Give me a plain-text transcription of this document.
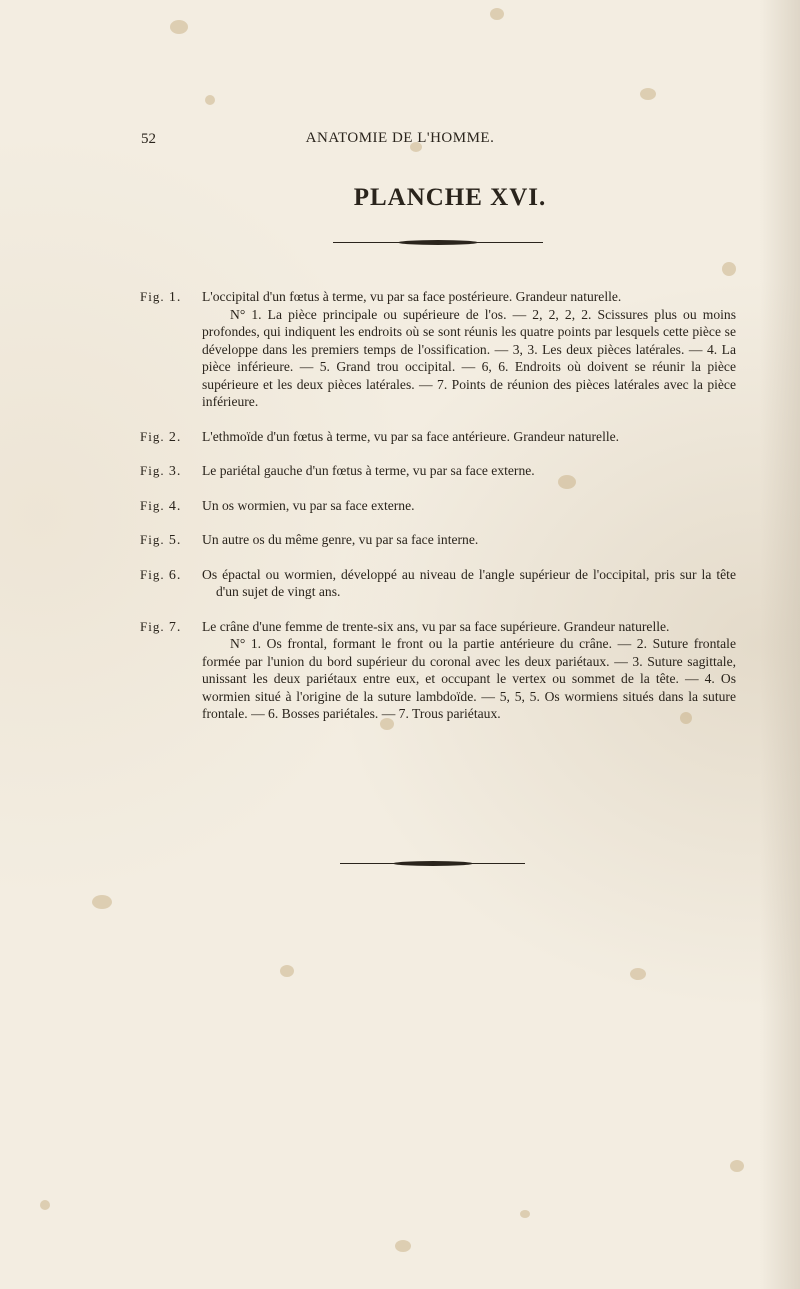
52	ANATOMIE DE L'HOMME.
PLANCHE XVI.
Fig. 1.	L'occipital d'un fœtus à terme, vu par sa face postérieure. Grandeur naturelle.
N° 1. La pièce principale ou supérieure de l'os. — 2, 2, 2, 2. Scissures plus ou moins profondes, qui indiquent les endroits où se sont réunis les quatre points par lesquels cette pièce se développe dans les premiers temps de l'ossification. — 3, 3. Les deux pièces latérales. — 4. La pièce inférieure. — 5. Grand trou occipital. — 6, 6. Endroits où doivent se réunir la pièce supérieure et les deux pièces latérales. — 7. Points de réunion des pièces latérales avec la pièce inférieure.
Fig. 2.	L'ethmoïde d'un fœtus à terme, vu par sa face antérieure. Grandeur naturelle.
Fig. 3.	Le pariétal gauche d'un fœtus à terme, vu par sa face externe.
Fig. 4.	Un os wormien, vu par sa face externe.
Fig. 5.	Un autre os du même genre, vu par sa face interne.
Fig. 6.	Os épactal ou wormien, développé au niveau de l'angle supérieur de l'occipital, pris sur la tête d'un sujet de vingt ans.
Fig. 7.	Le crâne d'une femme de trente-six ans, vu par sa face supérieure. Grandeur naturelle.
N° 1. Os frontal, formant le front ou la partie antérieure du crâne. — 2. Suture frontale formée par l'union du bord supérieur du coronal avec les deux pariétaux. — 3. Suture sagittale, unissant les deux pariétaux entre eux, et occupant le vertex ou sommet de la tête. — 4. Os wormien situé à l'origine de la suture lambdoïde. — 5, 5, 5. Os wormiens situés dans la suture frontale. — 6. Bosses pariétales. — 7. Trous pariétaux.
